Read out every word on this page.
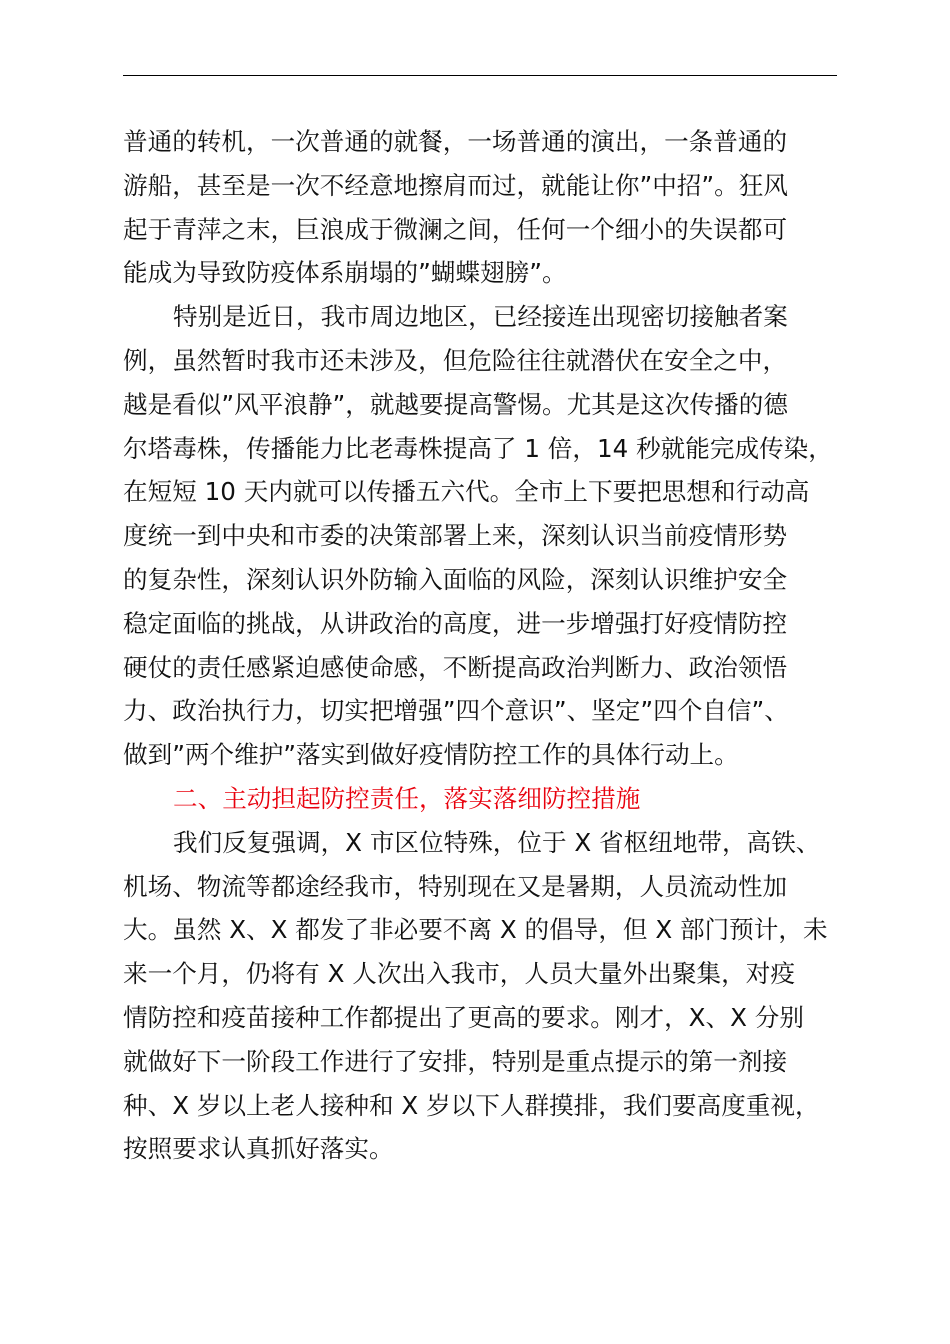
普通的转机，一次普通的就餐，一场普通的演出，一条普通的
游船，甚至是一次不经意地擦肩而过，就能让你”中招”。狂风
起于青萍之末，巨浪成于微澜之间，任何一个细小的失误都可
能成为导致防疫体系崩塌的”蝴蝶翅膀”。
特别是近日，我市周边地区，已经接连出现密切接触者案
例，虽然暂时我市还未涉及，但危险往往就潜伏在安全之中，
越是看似”风平浪静”，就越要提高警惕。尤其是这次传播的德
尔塔毒株，传播能力比老毒株提高了 1 倍，14 秒就能完成传染，
在短短 10 天内就可以传播五六代。全市上下要把思想和行动高
度统一到中央和市委的决策部署上来，深刻认识当前疫情形势
的复杂性，深刻认识外防输入面临的风险，深刻认识维护安全
稳定面临的挑战，从讲政治的高度，进一步增强打好疫情防控
硬仗的责任感紧迫感使命感，不断提高政治判断力、政治领悟
力、政治执行力，切实把增强”四个意识”、坚定”四个自信”、
做到”两个维护”落实到做好疫情防控工作的具体行动上。
二、主动担起防控责任，落实落细防控措施
我们反复强调，X 市区位特殊，位于 X 省枢纽地带，高铁、
机场、物流等都途经我市，特别现在又是暑期，人员流动性加
大。虽然 X、X 都发了非必要不离 X 的倡导，但 X 部门预计，未
来一个月，仍将有 X 人次出入我市，人员大量外出聚集，对疫
情防控和疫苗接种工作都提出了更高的要求。刚才，X、X 分别
就做好下一阶段工作进行了安排，特别是重点提示的第一剂接
种、X 岁以上老人接种和 X 岁以下人群摸排，我们要高度重视，
按照要求认真抓好落实。
